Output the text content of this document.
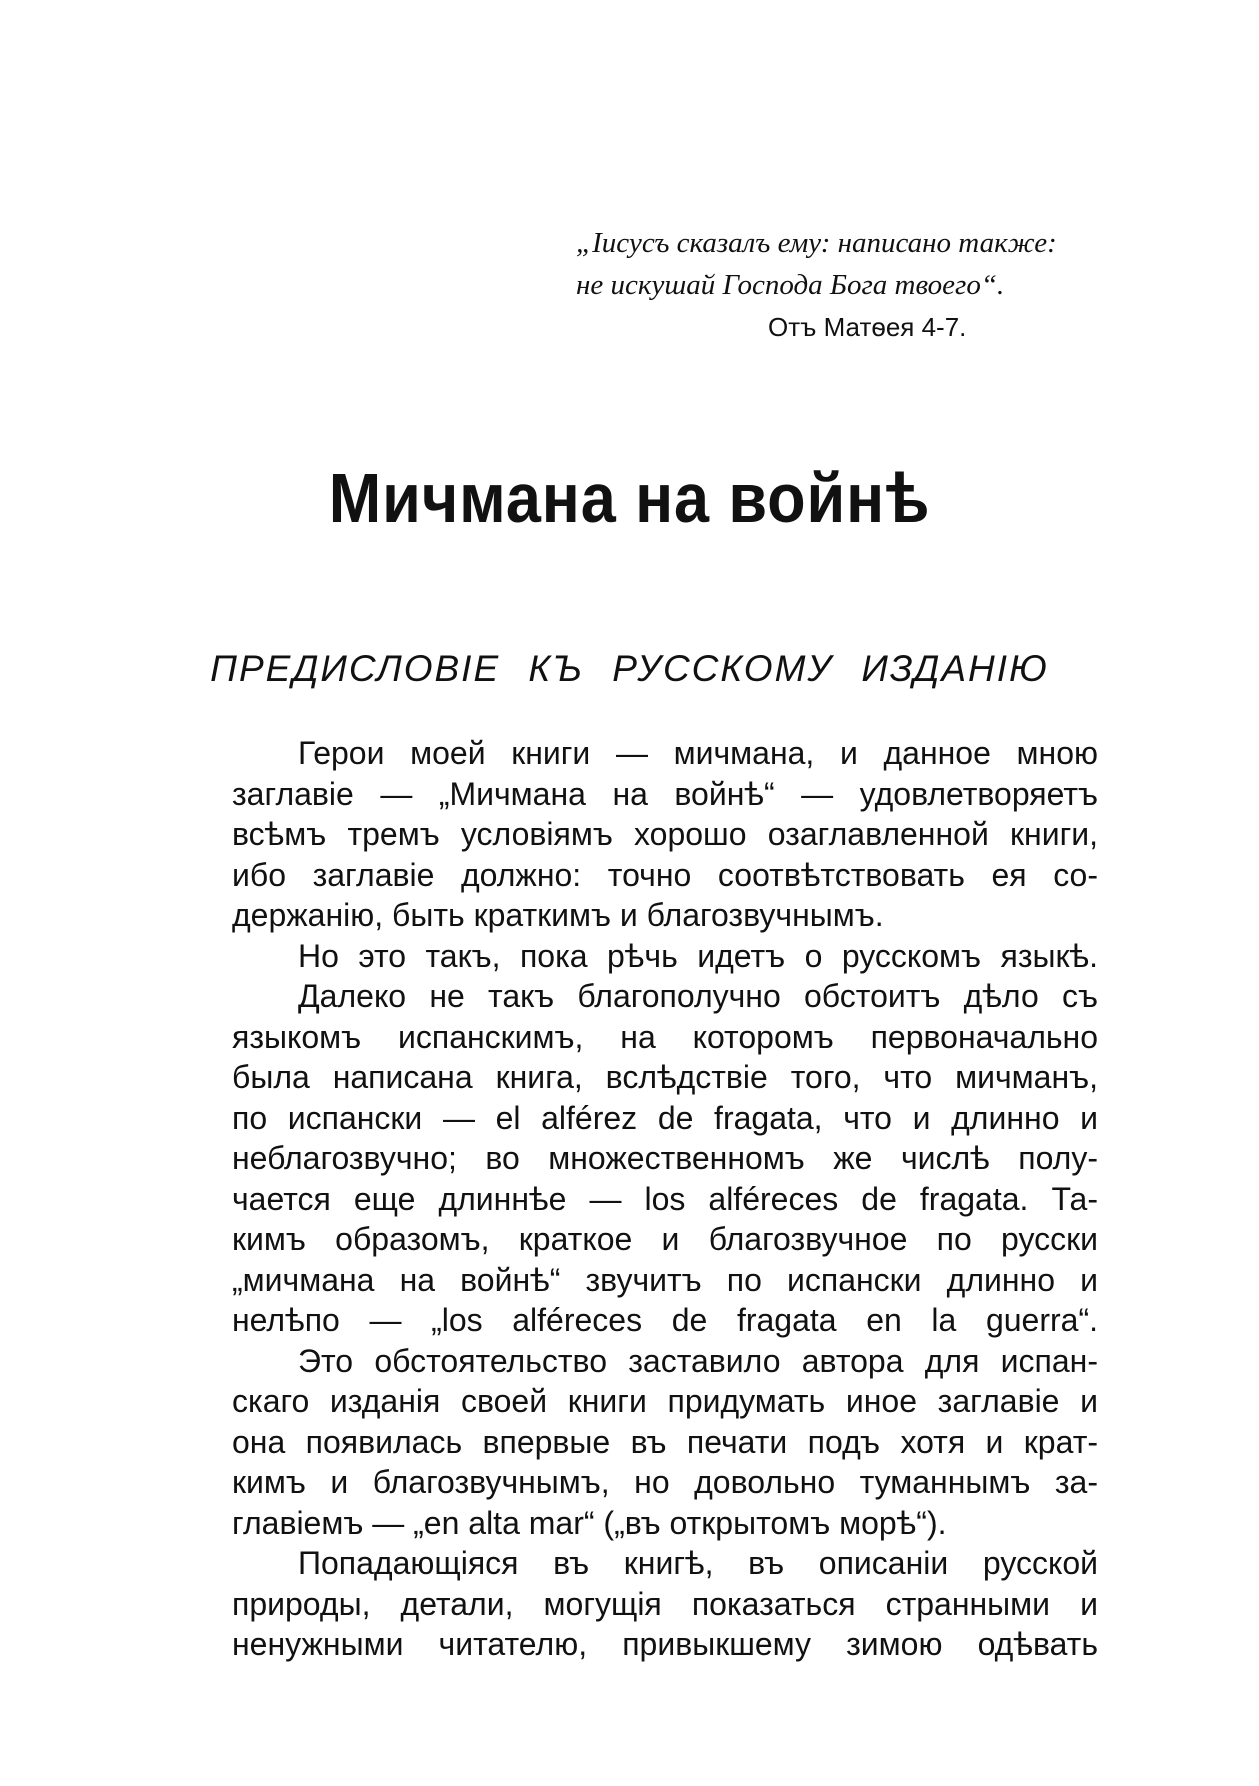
„Іисусъ сказалъ ему: написано также:
не искушай Господа Бога твоего“.
Отъ Матѳея 4-7.
Мичмана на войнѣ
ПРЕДИСЛОВІЕ КЪ РУССКОМУ ИЗДАНІЮ
Герои моей книги — мичмана, и данное мною
заглавіе — „Мичмана на войнѣ“ — удовлетворяетъ
всѣмъ тремъ условіямъ хорошо озаглавленной книги,
ибо заглавіе должно: точно соотвѣтствовать ея со-
держанію, быть краткимъ и благозвучнымъ.
Но это такъ, пока рѣчь идетъ о русскомъ языкѣ.
Далеко не такъ благополучно обстоитъ дѣло съ
языкомъ испанскимъ, на которомъ первоначально
была написана книга, вслѣдствіе того, что мичманъ,
по испански — el alférez de fragata, что и длинно и
неблагозвучно; во множественномъ же числѣ полу-
чается еще длиннѣе — los alférеces de fragata. Та-
кимъ образомъ, краткое и благозвучное по русски
„мичмана на войнѣ“ звучитъ по испански длинно и
нелѣпо — „los alféreces de fragata en la guerra“.
Это обстоятельство заставило автора для испан-
скаго изданія своей книги придумать иное заглавіе и
она появилась впервые въ печати подъ хотя и крат-
кимъ и благозвучнымъ, но довольно туманнымъ за-
главіемъ — „en alta mar“ („въ открытомъ морѣ“).
Попадающіяся въ книгѣ, въ описаніи русской
природы, детали, могущія показаться странными и
ненужными читателю, привыкшему зимою одѣвать
